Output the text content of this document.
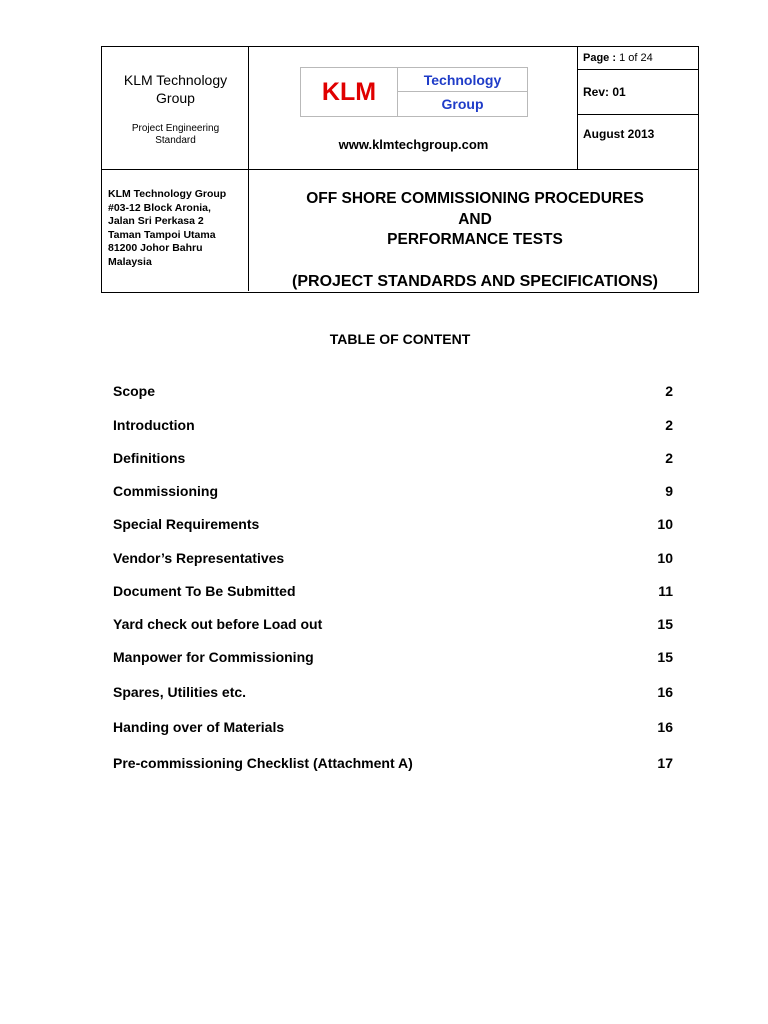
KLM Technology
Group
Project Engineering
Standard
KLM	Technology
Group
www.klmtechgroup.com
Page : 1 of 24
Rev: 01
August 2013
KLM Technology Group
#03-12 Block Aronia,
Jalan Sri Perkasa 2
Taman Tampoi Utama
81200 Johor Bahru
Malaysia
OFF SHORE COMMISSIONING PROCEDURES
AND
PERFORMANCE TESTS
(PROJECT STANDARDS AND SPECIFICATIONS)
TABLE OF CONTENT
Scope	2
Introduction	2
Definitions	2
Commissioning	9
Special Requirements	10
Vendor’s Representatives	10
Document To Be Submitted	11
Yard check out before Load out	15
Manpower for Commissioning	15
Spares, Utilities etc.	16
Handing over of Materials	16
Pre-commissioning Checklist (Attachment A)	17
